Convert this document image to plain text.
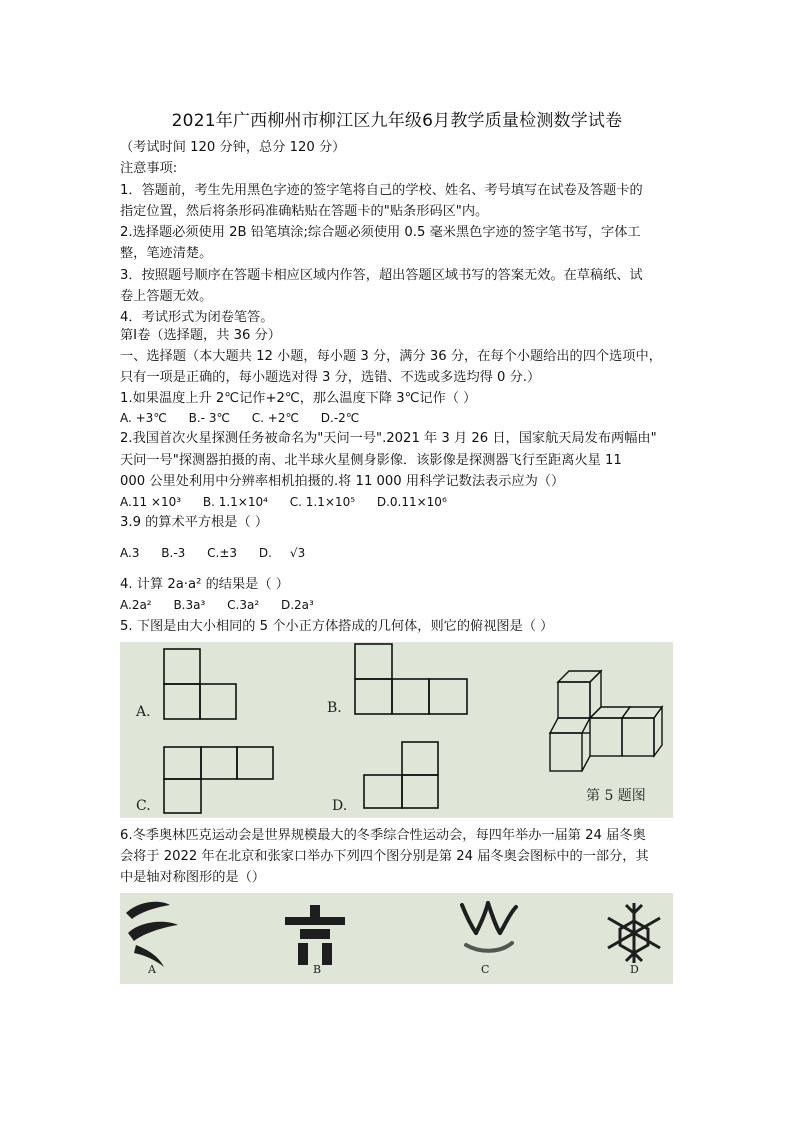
2021年广西柳州市柳江区九年级6月教学质量检测数学试卷
（考试时间 120 分钟，总分 120 分）
注意事项:
1．答题前，考生先用黑色字迹的签字笔将自己的学校、姓名、考号填写在试卷及答题卡的
指定位置，然后将条形码准确粘贴在答题卡的"贴条形码区"内。
2.选择题必须使用 2B 铅笔填涂;综合题必须使用 0.5 毫米黑色字迹的签字笔书写，字体工
整，笔迹清楚。
3．按照题号顺序在答题卡相应区域内作答，超出答题区域书写的答案无效。在草稿纸、试
卷上答题无效。
4．考试形式为闭卷笔答。
第Ⅰ卷（选择题，共 36 分）
一、选择题（本大题共 12 小题，每小题 3 分，满分 36 分，在每个小题给出的四个选项中，
只有一项是正确的，每小题选对得 3 分，选错、不选或多选均得 0 分.）
1.如果温度上升 2℃记作+2℃，那么温度下降 3℃记作（ ）
A. +3℃ B.- 3℃ C. +2℃ D.-2℃
2.我国首次火星探测任务被命名为"天问一号".2021 年 3 月 26 日，国家航天局发布两幅由"
天问一号"探测器拍摄的南、北半球火星侧身影像．该影像是探测器飞行至距离火星 11
000 公里处利用中分辨率相机拍摄的.将 11 000 用科学记数法表示应为（）
A.11 ×10³ B. 1.1×10⁴ C. 1.1×10⁵ D.0.11×10⁶
3.9 的算术平方根是（ ）
A.3 B.-3 C.±3 D. √3
4. 计算 2a·a² 的结果是（ ）
A.2a² B.3a³ C.3a² D.2a³
5. 下图是由大小相同的 5 个小正方体搭成的几何体，则它的俯视图是（ ）
A.	B.
C.	D.
第 5 题图
6.冬季奥林匹克运动会是世界规模最大的冬季综合性运动会，每四年举办一届第 24 届冬奥
会将于 2022 年在北京和张家口举办下列四个图分别是第 24 届冬奥会图标中的一部分，其
中是轴对称图形的是（）
A	B	C	D
